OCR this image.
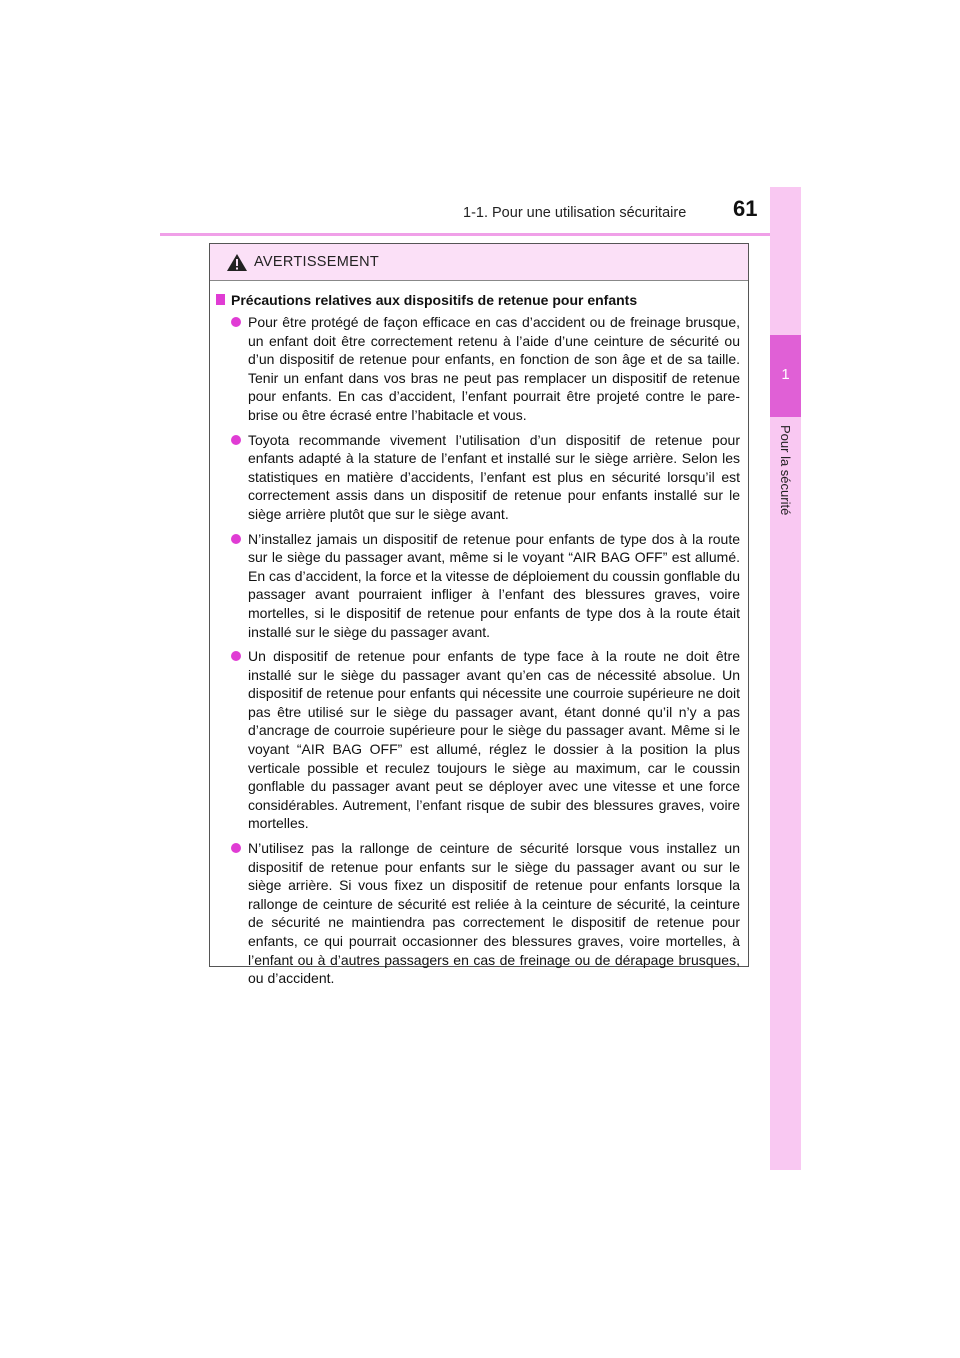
1-1. Pour une utilisation sécuritaire 61
1
Pour la sécurité
AVERTISSEMENT
Précautions relatives aux dispositifs de retenue pour enfants
Pour être protégé de façon efficace en cas d’accident ou de freinage brusque, un enfant doit être correctement retenu à l’aide d’une ceinture de sécurité ou d’un dispositif de retenue pour enfants, en fonction de son âge et de sa taille. Tenir un enfant dans vos bras ne peut pas remplacer un dispositif de retenue pour enfants. En cas d’accident, l’enfant pourrait être projeté contre le pare-brise ou être écrasé entre l’habitacle et vous.
Toyota recommande vivement l’utilisation d’un dispositif de retenue pour enfants adapté à la stature de l’enfant et installé sur le siège arrière. Selon les statistiques en matière d’accidents, l’enfant est plus en sécurité lorsqu’il est correctement assis dans un dispositif de retenue pour enfants installé sur le siège arrière plutôt que sur le siège avant.
N’installez jamais un dispositif de retenue pour enfants de type dos à la route sur le siège du passager avant, même si le voyant “AIR BAG OFF” est allumé. En cas d’accident, la force et la vitesse de déploiement du coussin gonflable du passager avant pourraient infliger à l’enfant des blessures graves, voire mortelles, si le dispositif de retenue pour enfants de type dos à la route était installé sur le siège du passager avant.
Un dispositif de retenue pour enfants de type face à la route ne doit être installé sur le siège du passager avant qu’en cas de nécessité absolue. Un dispositif de retenue pour enfants qui nécessite une courroie supérieure ne doit pas être utilisé sur le siège du passager avant, étant donné qu’il n’y a pas d’ancrage de courroie supérieure pour le siège du passager avant. Même si le voyant “AIR BAG OFF” est allumé, réglez le dossier à la position la plus verticale possible et reculez toujours le siège au maximum, car le coussin gonflable du passager avant peut se déployer avec une vitesse et une force considérables. Autrement, l’enfant risque de subir des blessures graves, voire mortelles.
N’utilisez pas la rallonge de ceinture de sécurité lorsque vous installez un dispositif de retenue pour enfants sur le siège du passager avant ou sur le siège arrière. Si vous fixez un dispositif de retenue pour enfants lorsque la rallonge de ceinture de sécurité est reliée à la ceinture de sécurité, la ceinture de sécurité ne maintiendra pas correctement le dispositif de retenue pour enfants, ce qui pourrait occasionner des blessures graves, voire mortelles, à l’enfant ou à d’autres passagers en cas de freinage ou de dérapage brusques, ou d’accident.
